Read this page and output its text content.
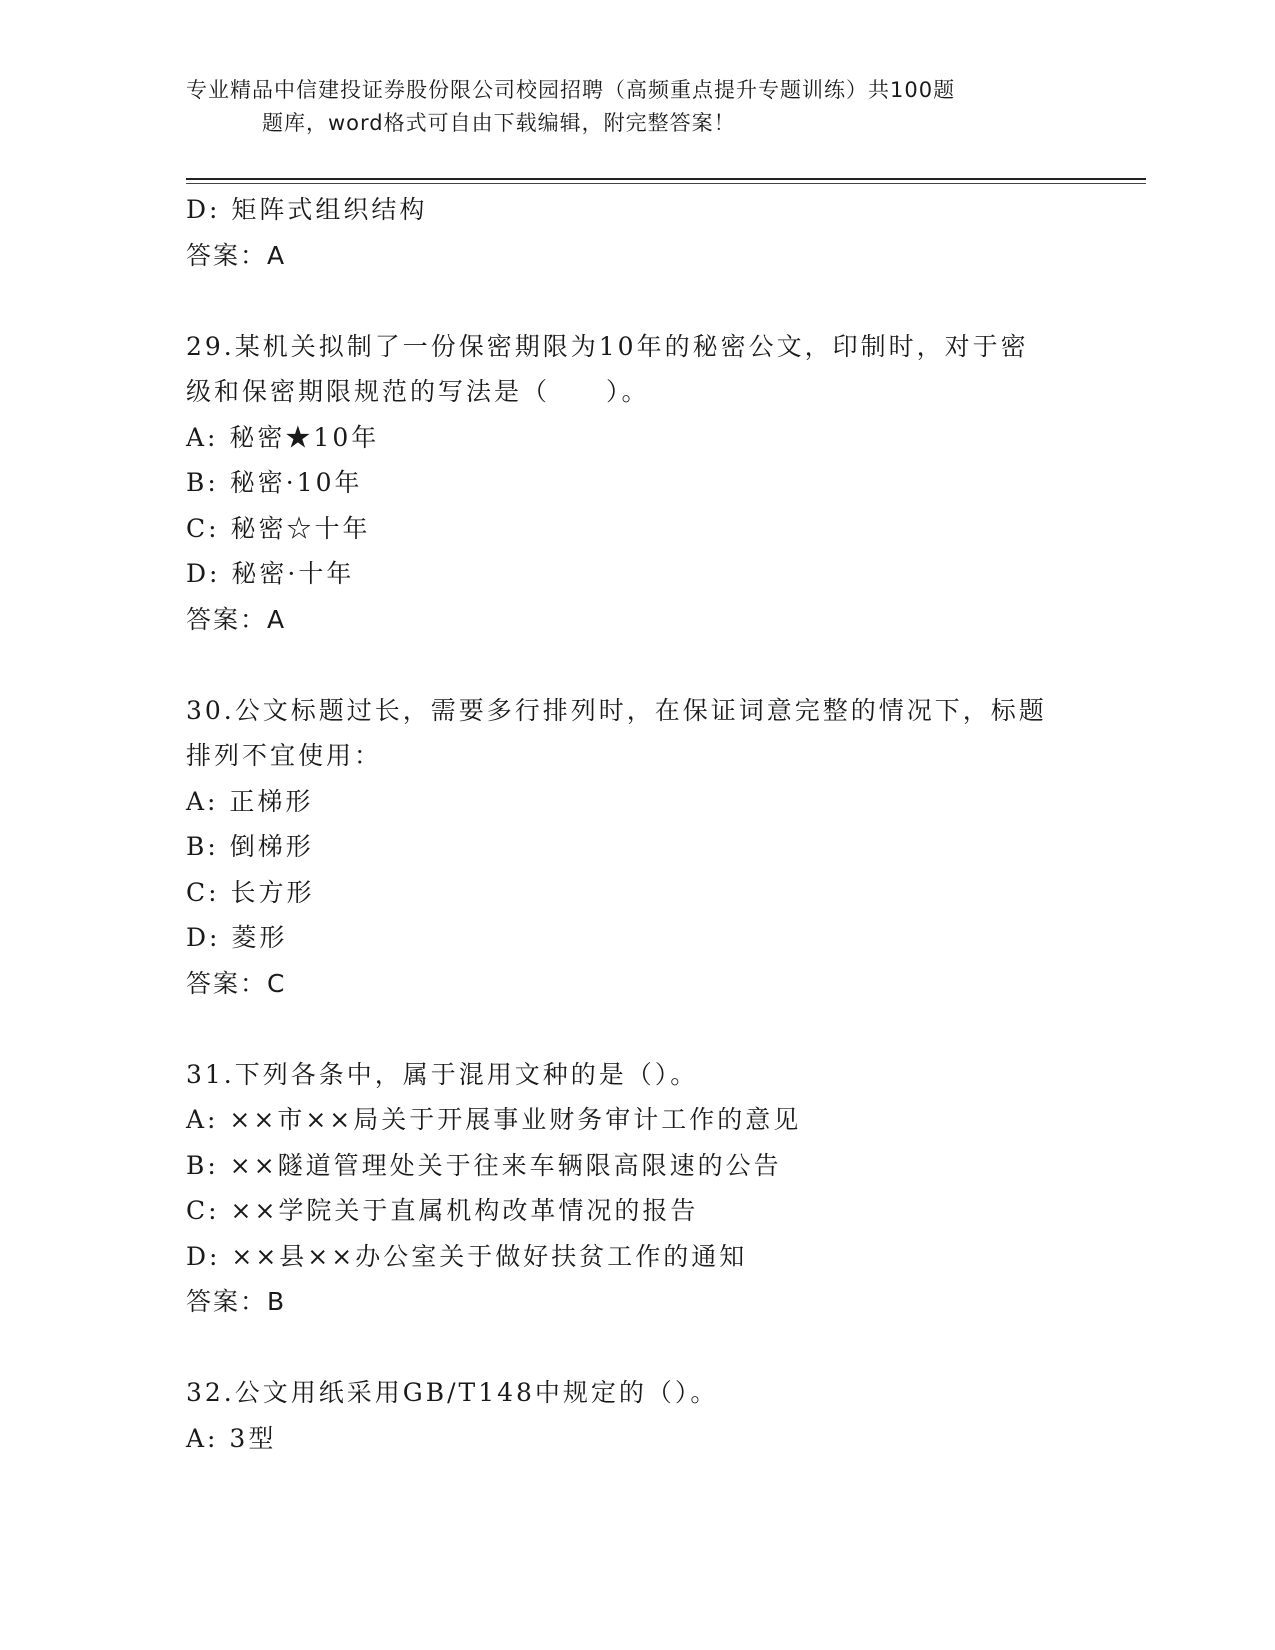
专业精品中信建投证券股份限公司校园招聘（高频重点提升专题训练）共100题
题库，word格式可自由下载编辑，附完整答案！
D: 矩阵式组织结构
答案：A
29.某机关拟制了一份保密期限为10年的秘密公文，印制时，对于密
级和保密期限规范的写法是（　　）。
A: 秘密★10年
B: 秘密·10年
C: 秘密☆十年
D: 秘密·十年
答案：A
30.公文标题过长，需要多行排列时，在保证词意完整的情况下，标题
排列不宜使用：
A: 正梯形
B: 倒梯形
C: 长方形
D: 菱形
答案：C
31.下列各条中，属于混用文种的是（）。
A: ××市××局关于开展事业财务审计工作的意见
B: ××隧道管理处关于往来车辆限高限速的公告
C: ××学院关于直属机构改革情况的报告
D: ××县××办公室关于做好扶贫工作的通知
答案：B
32.公文用纸采用GB/T148中规定的（）。
A: 3型
